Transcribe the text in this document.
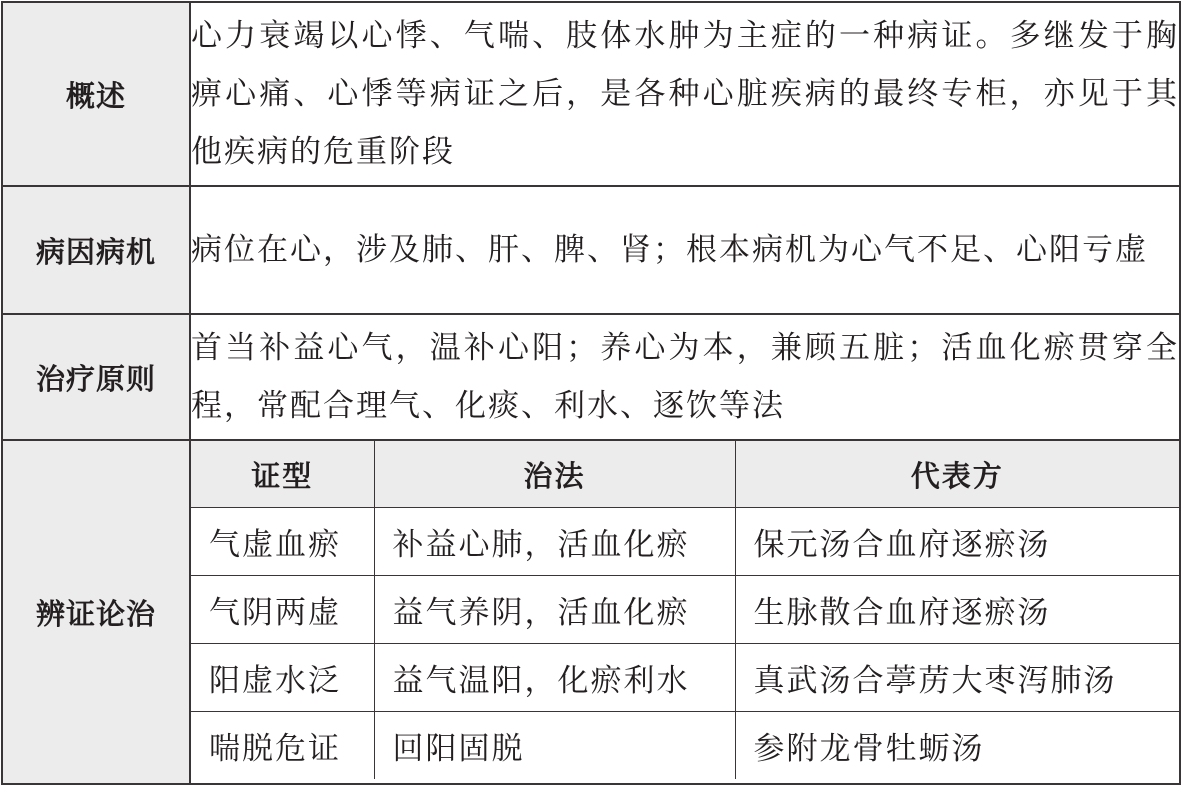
概述	心力衰竭以心悸、气喘、肢体水肿为主症的一种病证。多继发于胸痹心痛、心悸等病证之后，是各种心脏疾病的最终专柜，亦见于其他疾病的危重阶段
病因病机	病位在心，涉及肺、肝、脾、肾；根本病机为心气不足、心阳亏虚
治疗原则	首当补益心气，温补心阳；养心为本，兼顾五脏；活血化瘀贯穿全程，常配合理气、化痰、利水、逐饮等法
辨证论治	
证型	治法	代表方
气虚血瘀	补益心肺，活血化瘀	保元汤合血府逐瘀汤
气阴两虚	益气养阴，活血化瘀	生脉散合血府逐瘀汤
阳虚水泛	益气温阳，化瘀利水	真武汤合葶苈大枣泻肺汤
喘脱危证	回阳固脱	参附龙骨牡蛎汤
